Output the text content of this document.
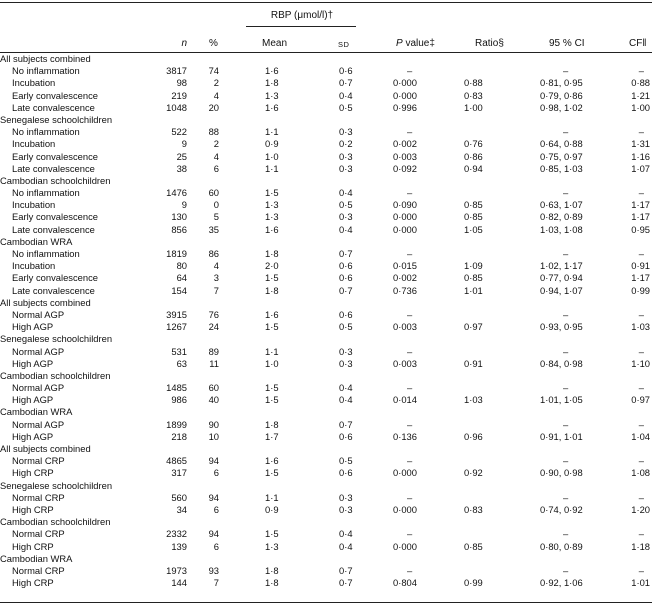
RBP (μmol/l)†
n %	Mean	SD	P value‡	Ratio§	95 % CI	CF‖
All subjects combined
No inflammation	3817 74	1·6	0·6	–	–	–
Incubation	98	2	1·8	0·7	0·000	0·88	0·81, 0·95	0·88
Early convalescence	219	4	1·3	0·4	0·000	0·83	0·79, 0·86	1·21
Late convalescence	1048 20	1·6	0·5	0·996	1·00	0·98, 1·02	1·00
Senegalese schoolchildren
No inflammation	522 88	1·1	0·3	–	–	–
Incubation	9	2	0·9	0·2	0·002	0·76	0·64, 0·88	1·31
Early convalescence	25	4	1·0	0·3	0·003	0·86	0·75, 0·97	1·16
Late convalescence	38	6	1·1	0·3	0·092	0·94	0·85, 1·03	1·07
Cambodian schoolchildren
No inflammation	1476 60	1·5	0·4	–	–	–
Incubation	9	0	1·3	0·5	0·090	0·85	0·63, 1·07	1·17
Early convalescence	130	5	1·3	0·3	0·000	0·85	0·82, 0·89	1·17
Late convalescence	856 35	1·6	0·4	0·000	1·05	1·03, 1·08	0·95
Cambodian WRA
No inflammation	1819 86	1·8	0·7	–	–	–
Incubation	80	4	2·0	0·6	0·015	1·09	1·02, 1·17	0·91
Early convalescence	64	3	1·5	0·6	0·002	0·85	0·77, 0·94	1·17
Late convalescence	154	7	1·8	0·7	0·736	1·01	0·94, 1·07	0·99
All subjects combined
Normal AGP	3915 76	1·6	0·6	–	–	–
High AGP	1267 24	1·5	0·5	0·003	0·97	0·93, 0·95	1·03
Senegalese schoolchildren
Normal AGP	531 89	1·1	0·3	–	–	–
High AGP	63 11	1·0	0·3	0·003	0·91	0·84, 0·98	1·10
Cambodian schoolchildren
Normal AGP	1485 60	1·5	0·4	–	–	–
High AGP	986 40	1·5	0·4	0·014	1·03	1·01, 1·05	0·97
Cambodian WRA
Normal AGP	1899 90	1·8	0·7	–	–	–
High AGP	218 10	1·7	0·6	0·136	0·96	0·91, 1·01	1·04
All subjects combined
Normal CRP	4865 94	1·6	0·5	–	–	–
High CRP	317	6	1·5	0·6	0·000	0·92	0·90, 0·98	1·08
Senegalese schoolchildren
Normal CRP	560 94	1·1	0·3	–	–	–
High CRP	34	6	0·9	0·3	0·000	0·83	0·74, 0·92	1·20
Cambodian schoolchildren
Normal CRP	2332 94	1·5	0·4	–	–	–
High CRP	139	6	1·3	0·4	0·000	0·85	0·80, 0·89	1·18
Cambodian WRA
Normal CRP	1973 93	1·8	0·7	–	–	–
High CRP	144	7	1·8	0·7	0·804	0·99	0·92, 1·06	1·01
